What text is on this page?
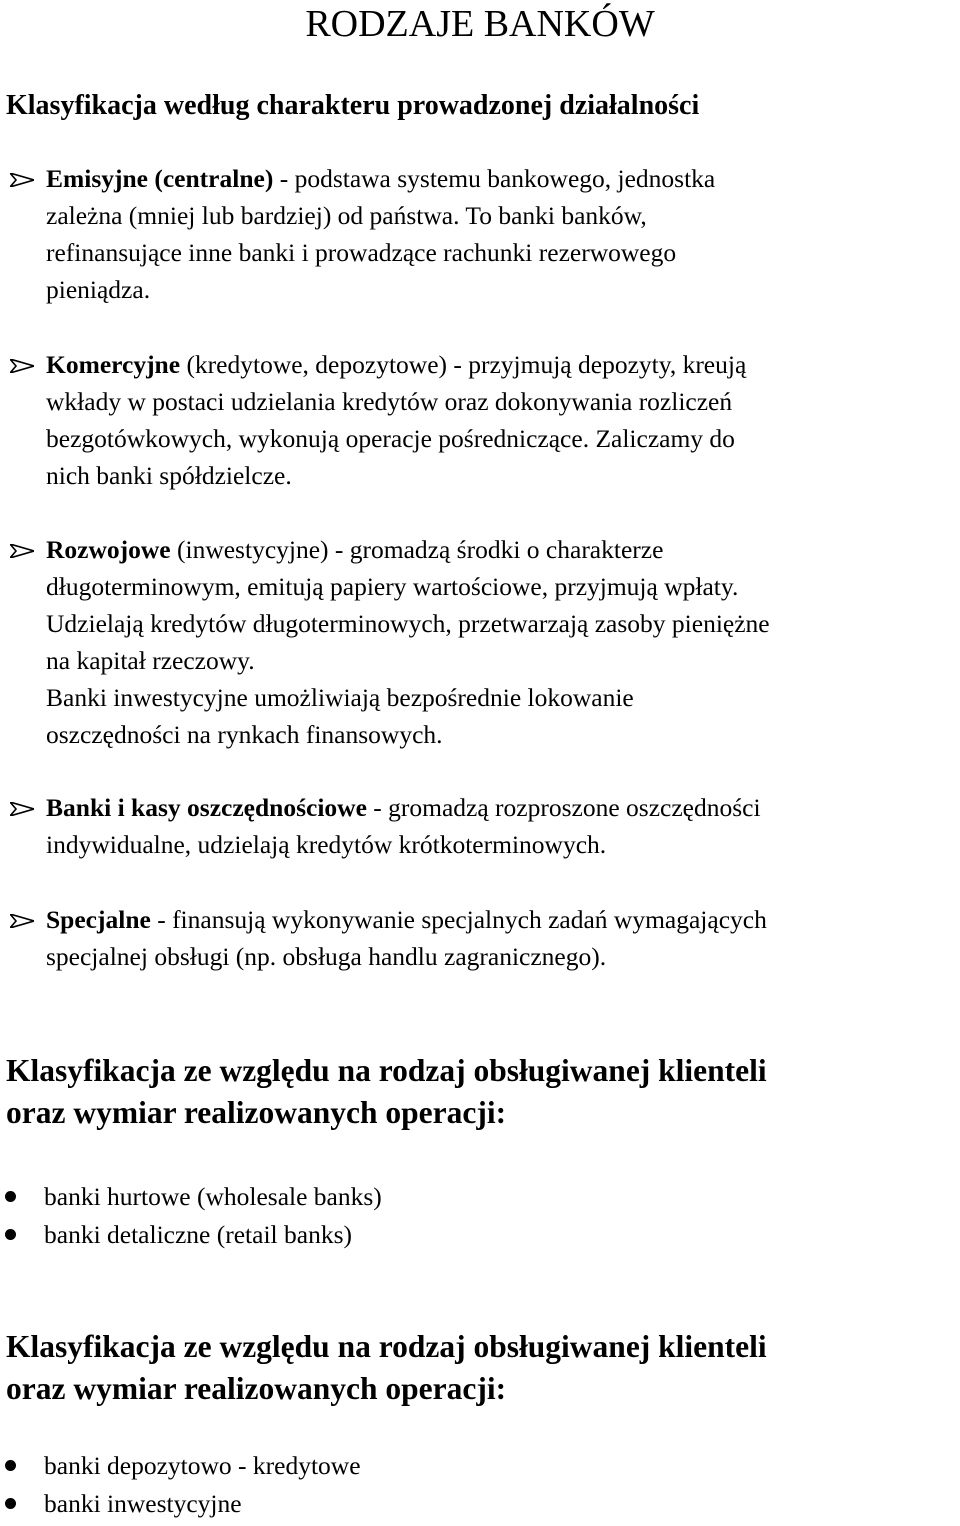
RODZAJE BANKÓW
Klasyfikacja według charakteru prowadzonej działalności
Emisyjne (centralne) - podstawa systemu bankowego, jednostka
zależna (mniej lub bardziej) od państwa. To banki banków,
refinansujące inne banki i prowadzące rachunki rezerwowego
pieniądza.
Komercyjne (kredytowe, depozytowe) - przyjmują depozyty, kreują
wkłady w postaci udzielania kredytów oraz dokonywania rozliczeń
bezgotówkowych, wykonują operacje pośredniczące. Zaliczamy do
nich banki spółdzielcze.
Rozwojowe (inwestycyjne) - gromadzą środki o charakterze
długoterminowym, emitują papiery wartościowe, przyjmują wpłaty.
Udzielają kredytów długoterminowych, przetwarzają zasoby pieniężne
na kapitał rzeczowy.
Banki inwestycyjne umożliwiają bezpośrednie lokowanie
oszczędności na rynkach finansowych.
Banki i kasy oszczędnościowe - gromadzą rozproszone oszczędności
indywidualne, udzielają kredytów krótkoterminowych.
Specjalne - finansują wykonywanie specjalnych zadań wymagających
specjalnej obsługi (np. obsługa handlu zagranicznego).
Klasyfikacja ze względu na rodzaj obsługiwanej klienteli
oraz wymiar realizowanych operacji:
banki hurtowe (wholesale banks)
banki detaliczne (retail banks)
Klasyfikacja ze względu na rodzaj obsługiwanej klienteli
oraz wymiar realizowanych operacji:
banki depozytowo - kredytowe
banki inwestycyjne
